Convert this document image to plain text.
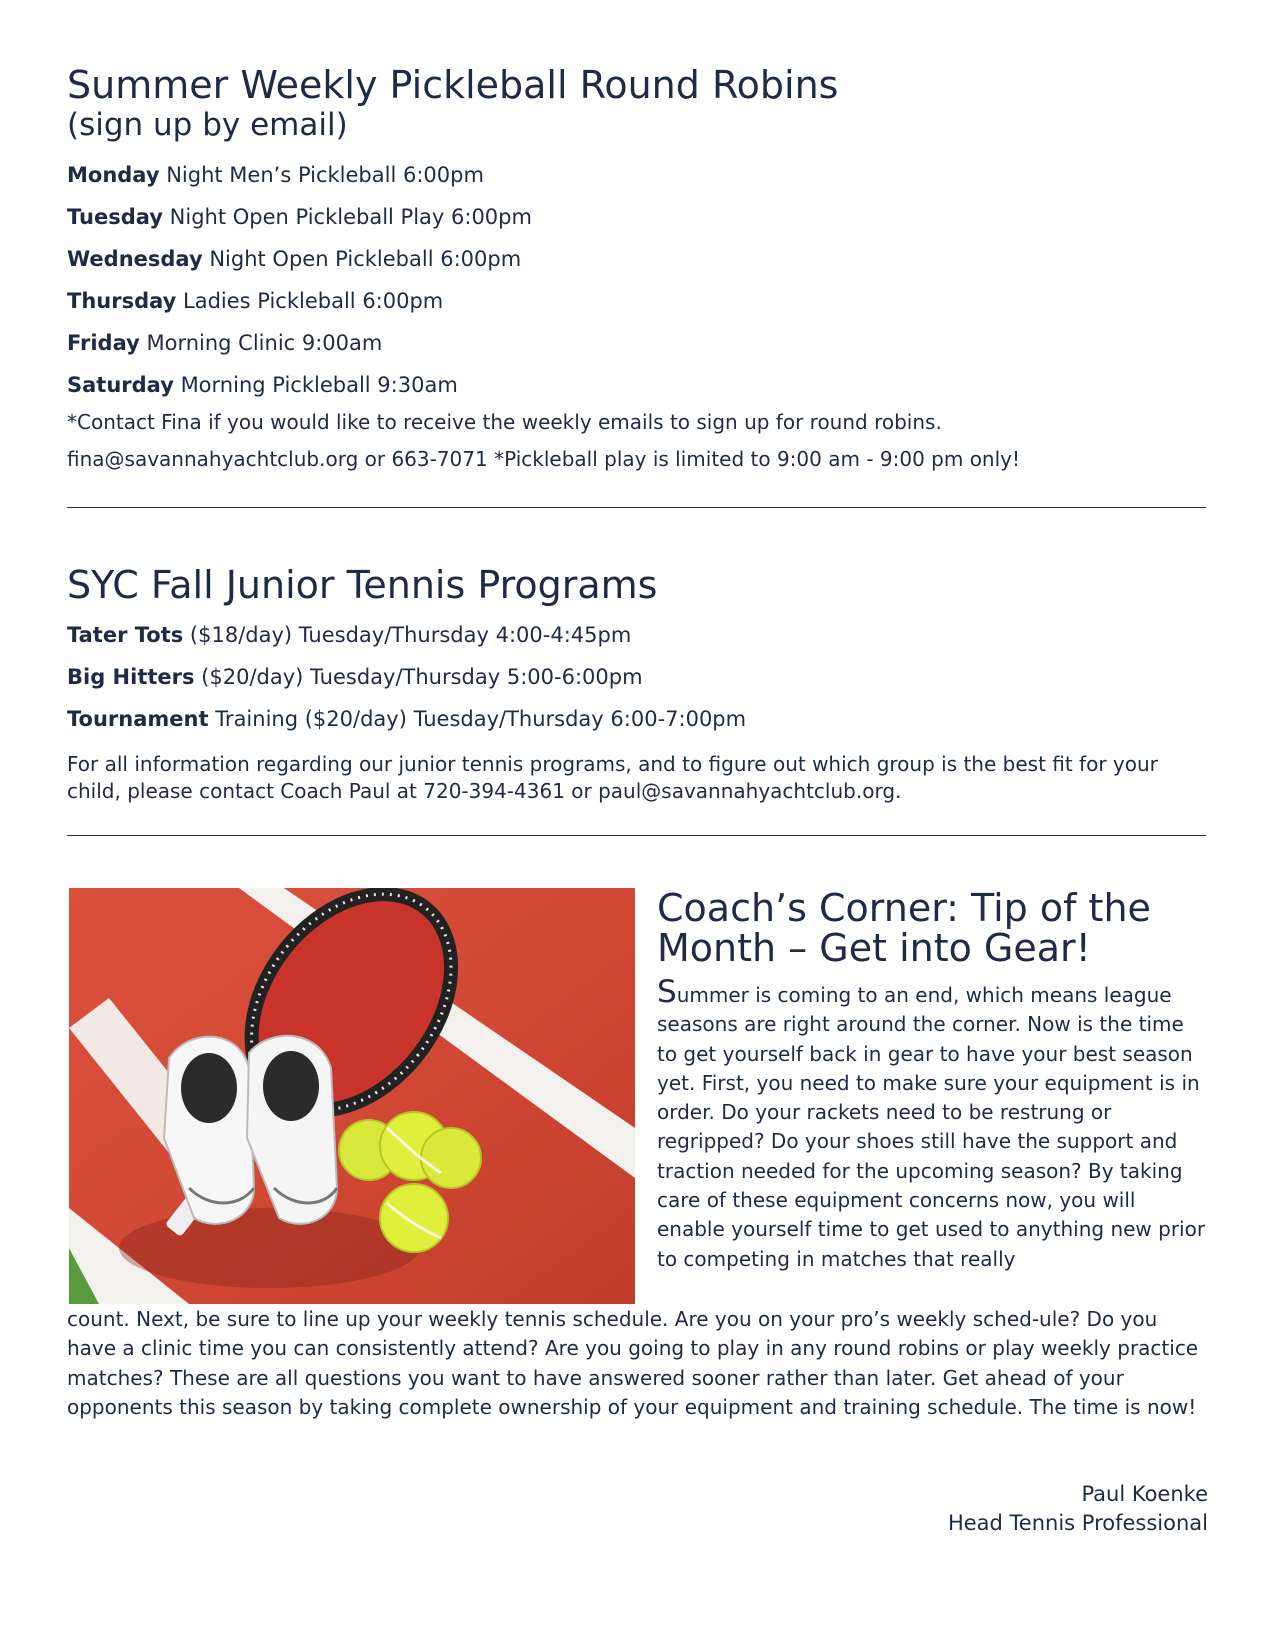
Summer Weekly Pickleball Round Robins
(sign up by email)
Monday Night Men’s Pickleball 6:00pm
Tuesday Night Open Pickleball Play 6:00pm
Wednesday Night Open Pickleball 6:00pm
Thursday Ladies Pickleball 6:00pm
Friday Morning Clinic 9:00am
Saturday Morning Pickleball 9:30am
*Contact Fina if you would like to receive the weekly emails to sign up for round robins.
fina@savannahyachtclub.org or 663-7071 *Pickleball play is limited to 9:00 am - 9:00 pm only!
SYC Fall Junior Tennis Programs
Tater Tots ($18/day) Tuesday/Thursday 4:00-4:45pm
Big Hitters ($20/day) Tuesday/Thursday 5:00-6:00pm
Tournament Training ($20/day) Tuesday/Thursday 6:00-7:00pm

For all information regarding our junior tennis programs, and to figure out which group is the best fit for your child, please contact Coach Paul at 720-394-4361 or paul@savannahyachtclub.org.

Coach’s Corner: Tip of the Month – Get into Gear!

Summer is coming to an end, which means league seasons are right around the corner. Now is the time to get yourself back in gear to have your best season yet. First, you need to make sure your equipment is in order. Do your rackets need to be restrung or regripped? Do your shoes still have the support and traction needed for the upcoming season? By taking care of these equipment concerns now, you will enable yourself time to get used to anything new prior to competing in matches that really

count. Next, be sure to line up your weekly tennis schedule. Are you on your pro’s weekly sched-ule? Do you have a clinic time you can consistently attend? Are you going to play in any round robins or play weekly practice matches? These are all questions you want to have answered sooner rather than later. Get ahead of your opponents this season by taking complete ownership of your equipment and training schedule. The time is now!

Paul Koenke
Head Tennis Professional
